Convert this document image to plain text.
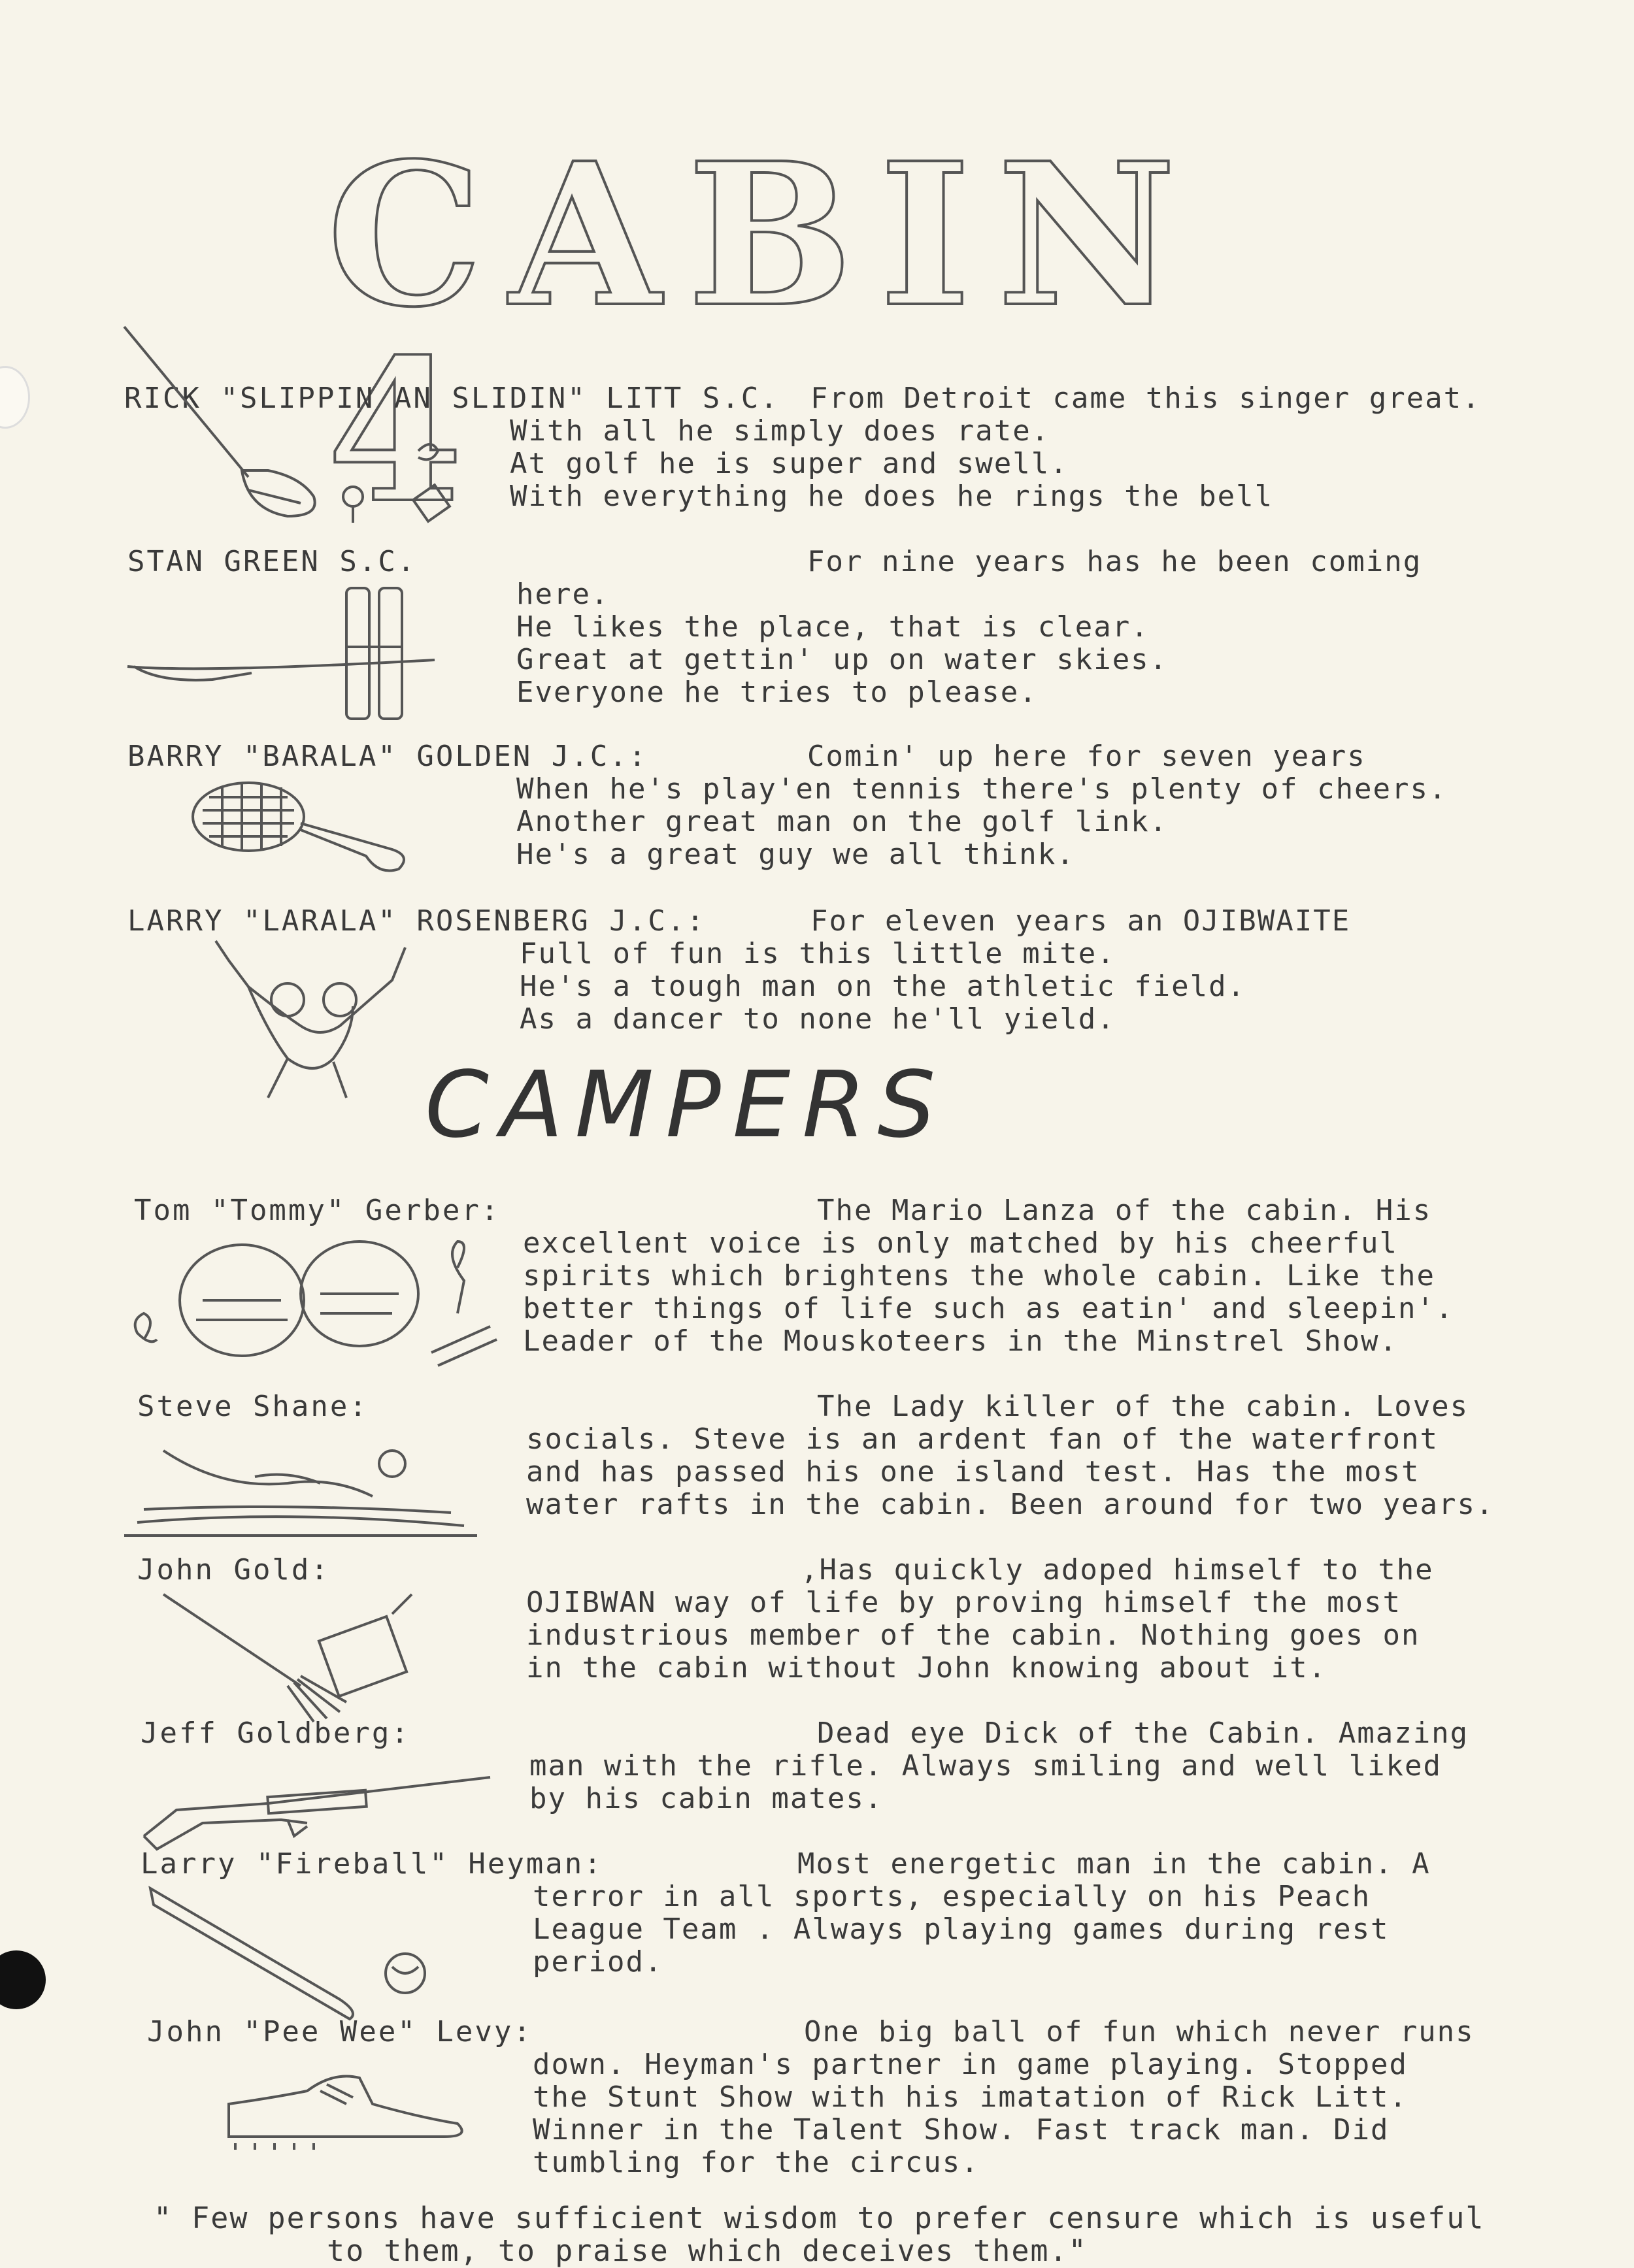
CABIN 4
RICK "SLIPPIN AN SLIDIN" LITT S.C. From Detroit came this singer great.
With all he simply does rate.
At golf he is super and swell.
With everything he does he rings the bell
STAN GREEN S.C.	For nine years has he been coming
here.
He likes the place, that is clear.
Great at gettin' up on water skies.
Everyone he tries to please.
BARRY "BARALA" GOLDEN J.C.:	Comin' up here for seven years
When he's play'en tennis there's plenty of cheers.
Another great man on the golf link.
He's a great guy we all think.
LARRY "LARALA" ROSENBERG J.C.:	For eleven years an OJIBWAITE
Full of fun is this little mite.
He's a tough man on the athletic field.
As a dancer to none he'll yield.
CAMPERS
Tom "Tommy" Gerber:	The Mario Lanza of the cabin. His
excellent voice is only matched by his cheerful
spirits which brightens the whole cabin. Like the
better things of life such as eatin' and sleepin'.
Leader of the Mouskoteers in the Minstrel Show.
Steve Shane:	The Lady killer of the cabin. Loves
socials. Steve is an ardent fan of the waterfront
and has passed his one island test. Has the most
water rafts in the cabin. Been around for two years.
John Gold:	,Has quickly adoped himself to the
OJIBWAN way of life by proving himself the most
industrious member of the cabin. Nothing goes on
in the cabin without John knowing about it.
Jeff Goldberg:	Dead eye Dick of the Cabin. Amazing
man with the rifle. Always smiling and well liked
by his cabin mates.
Larry "Fireball" Heyman:	Most energetic man in the cabin. A
terror in all sports, especially on his Peach
League Team . Always playing games during rest
period.
John "Pee Wee" Levy:	One big ball of fun which never runs
down. Heyman's partner in game playing. Stopped
the Stunt Show with his imatation of Rick Litt.
Winner in the Talent Show. Fast track man. Did
tumbling for the circus.
" Few persons have sufficient wisdom to prefer censure which is useful
to them, to praise which deceives them."
